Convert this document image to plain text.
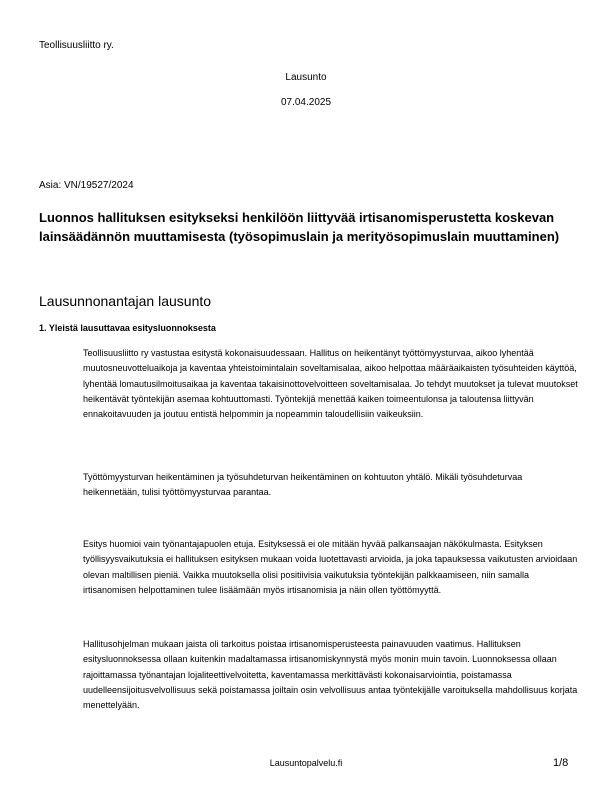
Teollisuusliitto ry.
Lausunto
07.04.2025
Asia: VN/19527/2024
Luonnos hallituksen esitykseksi henkilöön liittyvää irtisanomisperustetta koskevan lainsäädännön muuttamisesta (työsopimuslain ja merityösopimuslain muuttaminen)
Lausunnonantajan lausunto
1. Yleistä lausuttavaa esitysluonnoksesta

Teollisuusliitto ry vastustaa esitystä kokonaisuudessaan. Hallitus on heikentänyt työttömyysturvaa, aikoo lyhentää muutosneuvotteluaikoja ja kaventaa yhteistoimintalain soveltamisalaa, aikoo helpottaa määräaikaisten työsuhteiden käyttöä, lyhentää lomautusilmoitusaikaa ja kaventaa takaisinottovelvoitteen soveltamisalaa. Jo tehdyt muutokset ja tulevat muutokset heikentävät työntekijän asemaa kohtuuttomasti. Työntekijä menettää kaiken toimeentulonsa ja taloutensa liittyvän ennakoitavuuden ja joutuu entistä helpommin ja nopeammin taloudellisiin vaikeuksiin.

Työttömyysturvan heikentäminen ja työsuhdeturvan heikentäminen on kohtuuton yhtälö. Mikäli työsuhdeturvaa heikennetään, tulisi työttömyysturvaa parantaa.

Esitys huomioi vain työnantajapuolen etuja. Esityksessä ei ole mitään hyvää palkansaajan näkökulmasta. Esityksen työllisyysvaikutuksia ei hallituksen esityksen mukaan voida luotettavasti arvioida, ja joka tapauksessa vaikutusten arvioidaan olevan maltillisen pieniä. Vaikka muutoksella olisi positiivisia vaikutuksia työntekijän palkkaamiseen, niin samalla irtisanomisen helpottaminen tulee lisäämään myös irtisanomisia ja näin ollen työttömyyttä.

Hallitusohjelman mukaan jaista oli tarkoitus poistaa irtisanomisperusteesta painavuuden vaatimus. Hallituksen esitysluonnoksessa ollaan kuitenkin madaltamassa irtisanomiskynnystä myös monin muin tavoin. Luonnoksessa ollaan rajoittamassa työnantajan lojaliteettivelvoitetta, kaventamassa merkittävästi kokonaisarviointia, poistamassa uudelleensijoitusvelvollisuus sekä poistamassa joiltain osin velvollisuus antaa työntekijälle varoituksella mahdollisuus korjata menettelyään.

Lausuntopalvelu.fi	1/8
